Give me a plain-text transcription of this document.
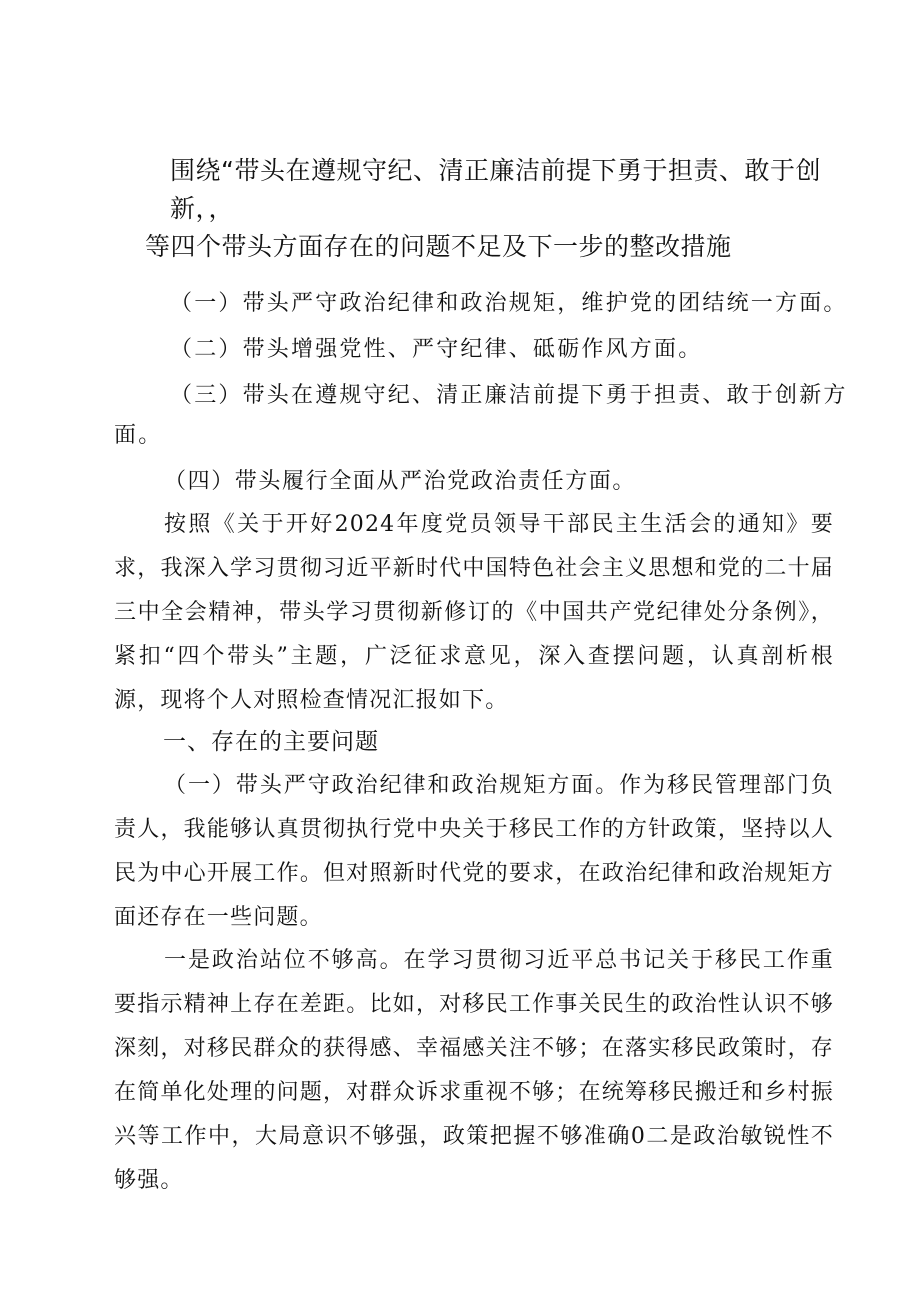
围绕“带头在遵规守纪、清正廉洁前提下勇于担责、敢于创新，，
等四个带头方面存在的问题不足及下一步的整改措施
（一）带头严守政治纪律和政治规矩，维护党的团结统一方面。
（二）带头增强党性、严守纪律、砥砺作风方面。
（三）带头在遵规守纪、清正廉洁前提下勇于担责、敢于创新方
面。
（四）带头履行全面从严治党政治责任方面。
按照《关于开好2024年度党员领导干部民主生活会的通知》要求，我深入学习贯彻习近平新时代中国特色社会主义思想和党的二十届三中全会精神，带头学习贯彻新修订的《中国共产党纪律处分条例》，紧扣“四个带头”主题，广泛征求意见，深入查摆问题，认真剖析根源，现将个人对照检查情况汇报如下。
一、存在的主要问题
（一）带头严守政治纪律和政治规矩方面。作为移民管理部门负责人，我能够认真贯彻执行党中央关于移民工作的方针政策，坚持以人民为中心开展工作。但对照新时代党的要求，在政治纪律和政治规矩方面还存在一些问题。
一是政治站位不够高。在学习贯彻习近平总书记关于移民工作重要指示精神上存在差距。比如，对移民工作事关民生的政治性认识不够深刻，对移民群众的获得感、幸福感关注不够；在落实移民政策时，存在简单化处理的问题，对群众诉求重视不够；在统筹移民搬迁和乡村振兴等工作中，大局意识不够强，政策把握不够准确0二是政治敏锐性不够强。
